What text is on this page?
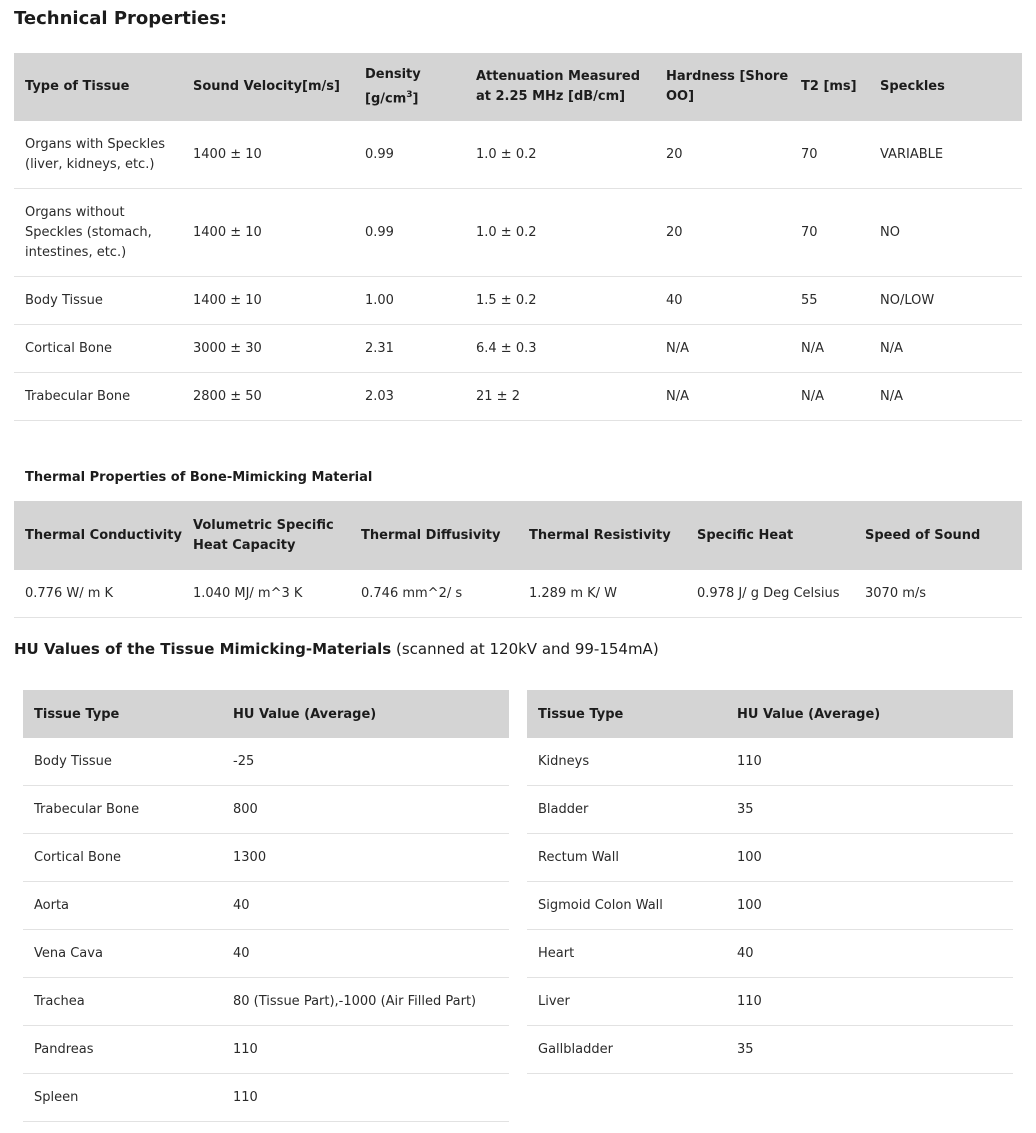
Technical Properties:
Type of Tissue	Sound Velocity[m/s]	Density $[g/cm^3]$	Attenuation Measured at 2.25 MHz [dB/cm]	Hardness [Shore OO]	T2 [ms]	Speckles
Organs with Speckles (liver, kidneys, etc.)	1400 ± 10	0.99	1.0 ± 0.2	20	70	VARIABLE
Organs without Speckles (stomach, intestines, etc.)	1400 ± 10	0.99	1.0 ± 0.2	20	70	NO
Body Tissue	1400 ± 10	1.00	1.5 ± 0.2	40	55	NO/LOW
Cortical Bone	3000 ± 30	2.31	6.4 ± 0.3	N/A	N/A	N/A
Trabecular Bone	2800 ± 50	2.03	21 ± 2	N/A	N/A	N/A
Thermal Properties of Bone-Mimicking Material
Thermal Conductivity	Volumetric Specific Heat Capacity	Thermal Diffusivity	Thermal Resistivity	Specific Heat	Speed of Sound
0.776 W/ m K	1.040 MJ/ m^3 K	0.746 mm^2/ s	1.289 m K/ W	0.978 J/ g Deg Celsius	3070 m/s
HU Values of the Tissue Mimicking-Materials (scanned at 120kV and 99-154mA)
Tissue Type	HU Value (Average)
Body Tissue	-25
Trabecular Bone	800
Cortical Bone	1300
Aorta	40
Vena Cava	40
Trachea	80 (Tissue Part),-1000 (Air Filled Part)
Pandreas	110
Spleen	110
Tissue Type	HU Value (Average)
Kidneys	110
Bladder	35
Rectum Wall	100
Sigmoid Colon Wall	100
Heart	40
Liver	110
Gallbladder	35
